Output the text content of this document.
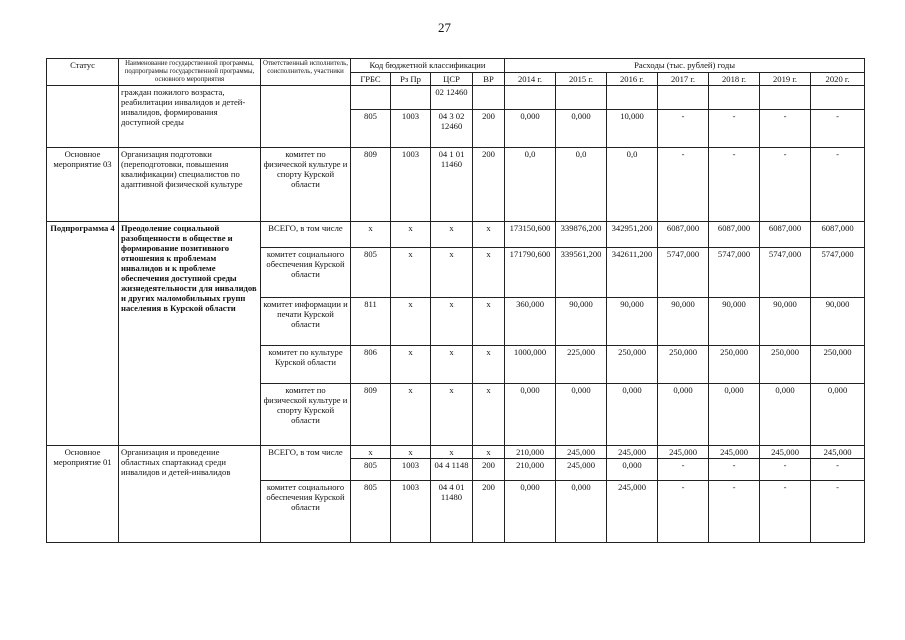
27
Статус	Наименование государственной программы, подпрограммы государственной программы, основного мероприятия	Ответственный исполнитель, соисполнитель, участники	Код бюджетной классификации				Расходы (тыс. рублей) годы						
			ГРБС	Рз Пр	ЦСР	ВР	2014 г.	2015 г.	2016 г.	2017 г.	2018 г.	2019 г.	2020 г.
	граждан пожилого возраста, реабилитации инвалидов и детей-инвалидов, формирования доступной среды				02 12460								
			805	1003	04 3 02 12460	200	0,000	0,000	10,000	-	-	-	-
Основное мероприятие 03	Организация подготовки (переподготовки, повышения квалификации) специалистов по адаптивной физической культуре	комитет по физической культуре и спорту Курской области	809	1003	04 1 01 11460	200	0,0	0,0	0,0	-	-	-	-
Подпрограмма 4	Преодоление социальной разобщенности в обществе и формирование позитивного отношения к проблемам инвалидов и к проблеме обеспечения доступной среды жизнедеятельности для инвалидов и других маломобильных групп населения в Курской области	ВСЕГО, в том числе	х	х	х	х	173150,600	339876,200	342951,200	6087,000	6087,000	6087,000	6087,000
		комитет социального обеспечения Курской области	805	х	х	х	171790,600	339561,200	342611,200	5747,000	5747,000	5747,000	5747,000
		комитет информации и печати Курской области	811	х	х	х	360,000	90,000	90,000	90,000	90,000	90,000	90,000
		комитет по культуре Курской области	806	х	х	х	1000,000	225,000	250,000	250,000	250,000	250,000	250,000
		комитет по физической культуре и спорту Курской области	809	х	х	х	0,000	0,000	0,000	0,000	0,000	0,000	0,000
Основное мероприятие 01	Организация и проведение областных спартакиад среди инвалидов и детей-инвалидов	ВСЕГО, в том числе	х	х	х	х	210,000	245,000	245,000	245,000	245,000	245,000	245,000
			805	1003	04 4 1148	200	210,000	245,000	0,000	-	-	-	-
		комитет социального обеспечения Курской области	805	1003	04 4 01 11480	200	0,000	0,000	245,000	-	-	-	-
